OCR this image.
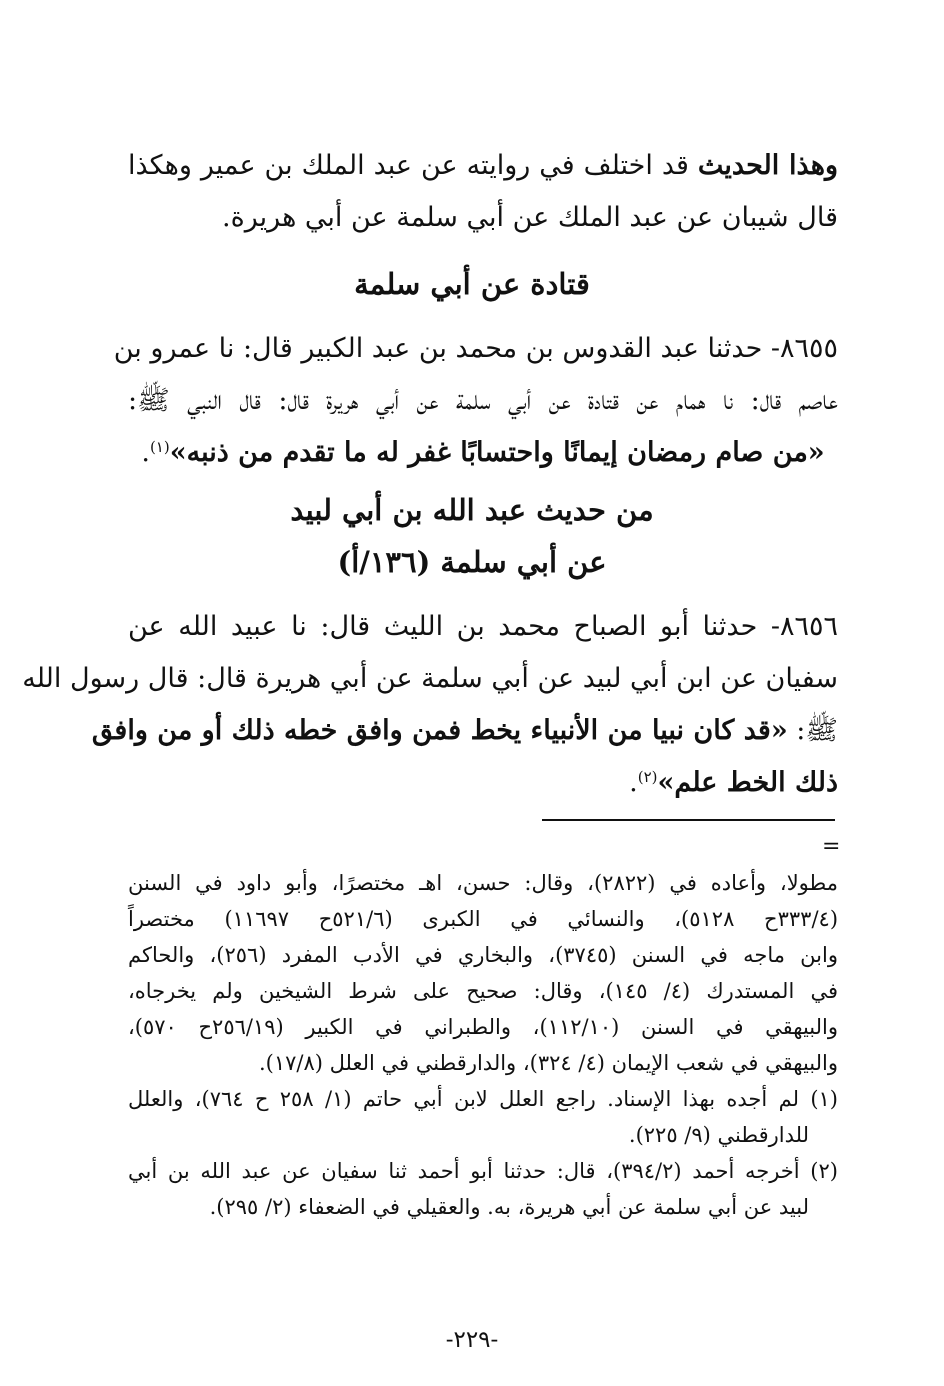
وهذا الحديث قد اختلف في روايته عن عبد الملك بن عمير وهكذا
قال شيبان عن عبد الملك عن أبي سلمة عن أبي هريرة.
قتادة عن أبي سلمة
٨٦٥٥- حدثنا عبد القدوس بن محمد بن عبد الكبير قال: نا عمرو بن
عاصم قال: نا همام عن قتادة عن أبي سلمة عن أبي هريرة قال: قال النبي ﷺ:
«من صام رمضان إيمانًا واحتسابًا غفر له ما تقدم من ذنبه»$^{(١)}$.
من حديث عبد الله بن أبي لبيد
عن أبي سلمة (١٣٦/أ)
٨٦٥٦- حدثنا أبو الصباح محمد بن الليث قال: نا عبيد الله عن
سفيان عن ابن أبي لبيد عن أبي سلمة عن أبي هريرة قال: قال رسول الله
ﷺ: «قد كان نبيا من الأنبياء يخط فمن وافق خطه ذلك أو من وافق
ذلك الخط علم»$^{(٢)}$.
=
مطولا، وأعاده في (٢٨٢٢)، وقال: حسن، اهـ مختصرًا، وأبو داود في السنن
(٣٣٣/٤ح ٥١٢٨)، والنسائي في الكبرى (٥٢١/٦ح ١١٦٩٧) مختصراً
وابن ماجه في السنن (٣٧٤٥)، والبخاري في الأدب المفرد (٢٥٦)، والحاكم
في المستدرك (٤/ ١٤٥)، وقال: صحيح على شرط الشيخين ولم يخرجاه،
والبيهقي في السنن (١١٢/١٠)، والطبراني في الكبير (٢٥٦/١٩ح ٥٧٠)،
والبيهقي في شعب الإيمان (٤/ ٣٢٤)، والدارقطني في العلل (١٧/٨).
(١) لم أجده بهذا الإسناد. راجع العلل لابن أبي حاتم (١/ ٢٥٨ ح ٧٦٤)، والعلل
للدارقطني (٩/ ٢٢٥).
(٢) أخرجه أحمد (٣٩٤/٢)، قال: حدثنا أبو أحمد ثنا سفيان عن عبد الله بن أبي
لبيد عن أبي سلمة عن أبي هريرة، به. والعقيلي في الضعفاء (٢/ ٢٩٥).
-٢٢٩-
